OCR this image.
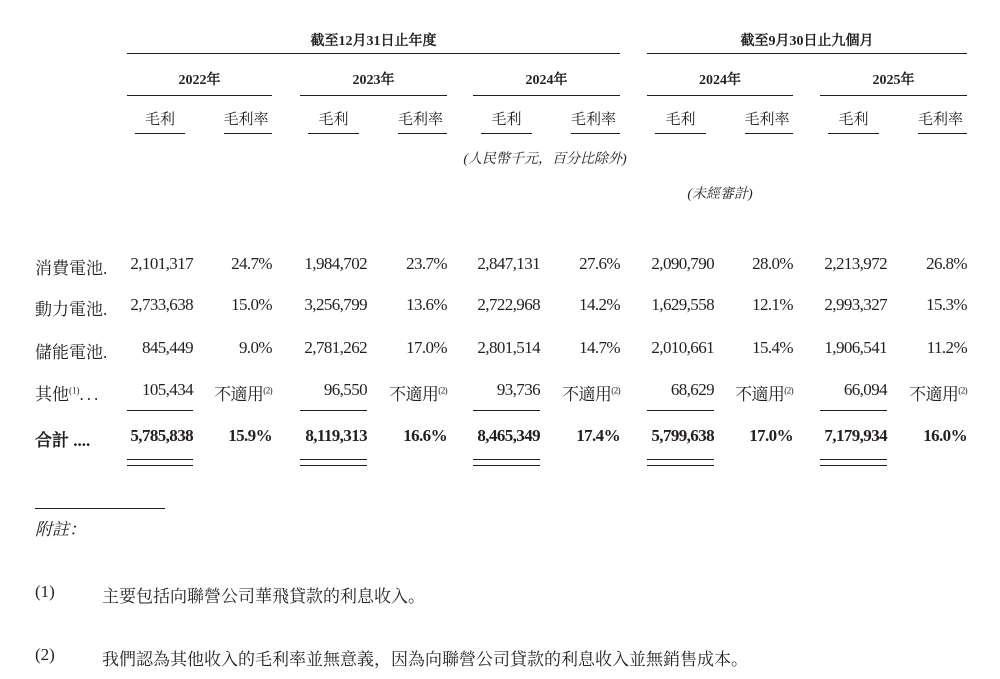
截至12月31日止年度	截至9月30日止九個月
2022年
毛利	毛利率
2023年
毛利	毛利率
2024年
毛利	毛利率
2024年
毛利	毛利率
2025年
毛利	毛利率
(人民幣千元，百分比除外)
(未經審計)
消費電池. 2,101,317 24.7% 1,984,702 23.7% 2,847,131 27.6% 2,090,790 28.0% 2,213,972 26.8%
動力電池. 2,733,638 15.0% 3,256,799 13.6% 2,722,968 14.2% 1,629,558 12.1% 2,993,327 15.3%
儲能電池. 845,449	9.0% 2,781,262 17.0% 2,801,514 14.7% 2,010,661 15.4% 1,906,541 11.2%
其他$^{(1)}$... 105,434 不適用$^{(2)}$	96,550 不適用$^{(2)}$	93,736 不適用$^{(2)}$	68,629 不適用$^{(2)}$	66,094 不適用$^{(2)}$
合計 .... 5,785,838 15.9% 8,119,313 16.6% 8,465,349 17.4% 5,799,638 17.0% 7,179,934 16.0%
附註：
(1)	主要包括向聯營公司華飛貸款的利息收入。
(2)	我們認為其他收入的毛利率並無意義，因為向聯營公司貸款的利息收入並無銷售成本。
